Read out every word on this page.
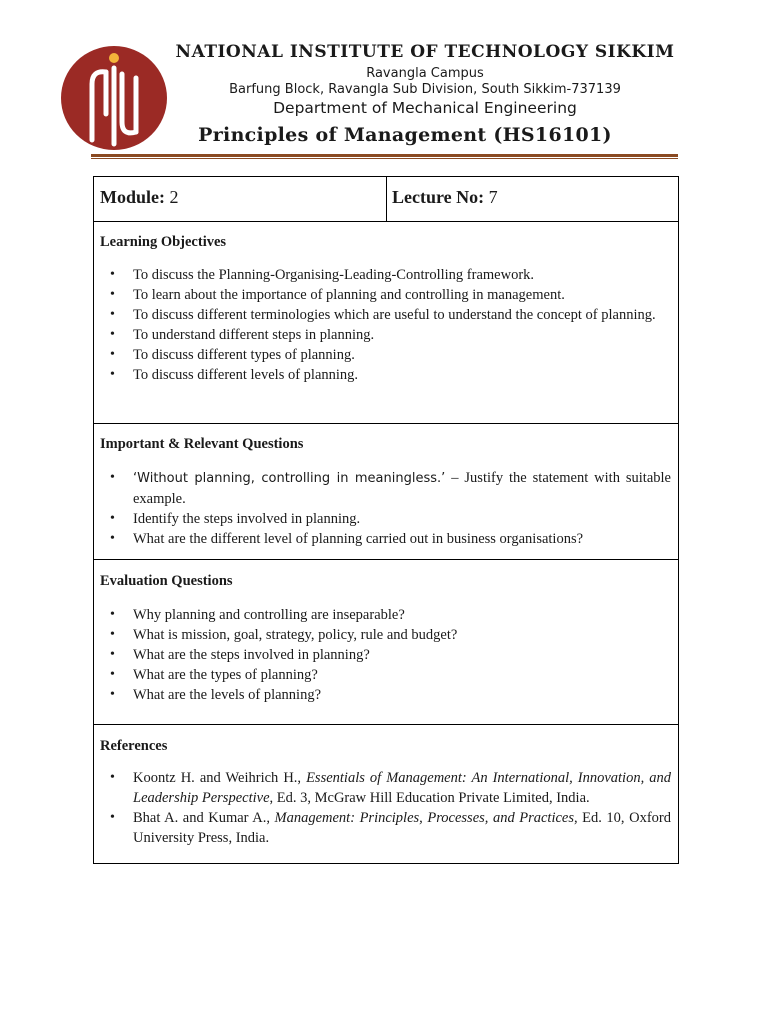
NATIONAL INSTITUTE OF TECHNOLOGY SIKKIM
Ravangla Campus
Barfung Block, Ravangla Sub Division, South Sikkim-737139
Department of Mechanical Engineering
Principles of Management (HS16101)
Module: 2	Lecture No: 7
Learning Objectives
• To discuss the Planning-Organising-Leading-Controlling framework.
• To learn about the importance of planning and controlling in management.
• To discuss different terminologies which are useful to understand the concept of planning.
• To understand different steps in planning.
• To discuss different types of planning.
• To discuss different levels of planning.
Important & Relevant Questions
• ‘Without planning, controlling in meaningless.’ – Justify the statement with suitable example.
• Identify the steps involved in planning.
• What are the different level of planning carried out in business organisations?
Evaluation Questions
• Why planning and controlling are inseparable?
• What is mission, goal, strategy, policy, rule and budget?
• What are the steps involved in planning?
• What are the types of planning?
• What are the levels of planning?
References
• Koontz H. and Weihrich H., Essentials of Management: An International, Innovation, and Leadership Perspective, Ed. 3, McGraw Hill Education Private Limited, India.
• Bhat A. and Kumar A., Management: Principles, Processes, and Practices, Ed. 10, Oxford University Press, India.
